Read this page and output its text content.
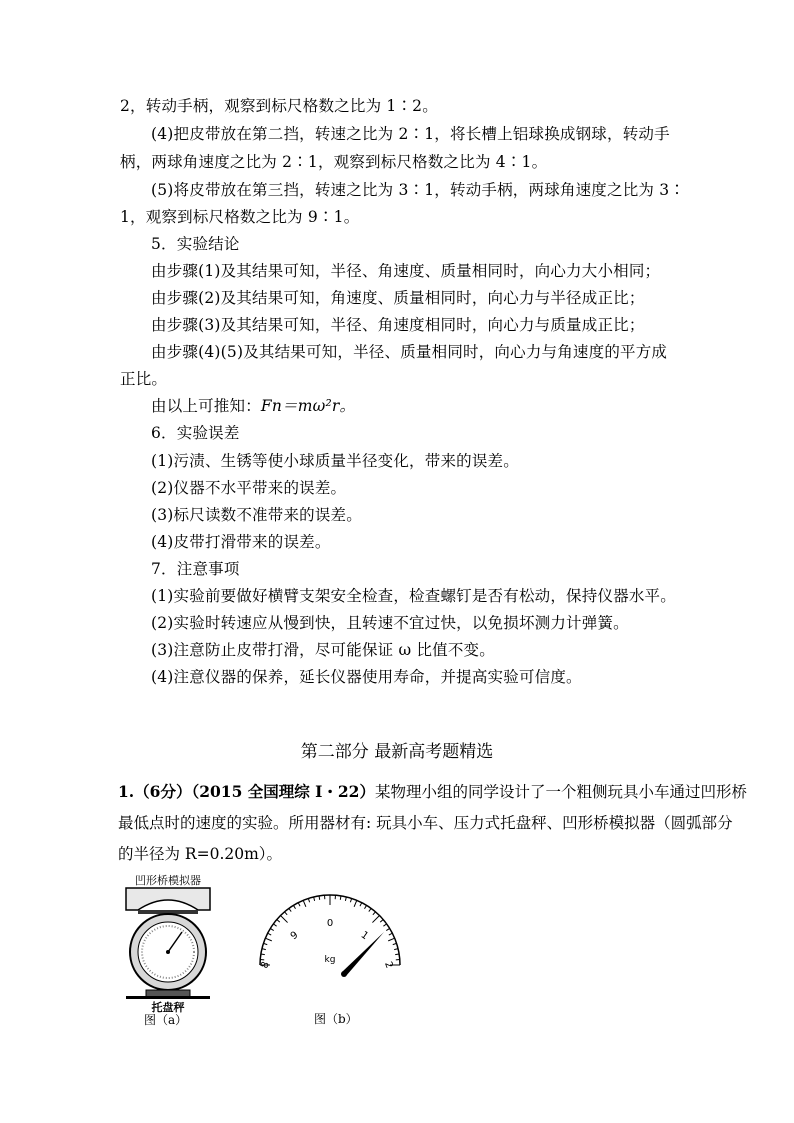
2，转动手柄，观察到标尺格数之比为 1∶2。
(4)把皮带放在第二挡，转速之比为 2∶1，将长槽上铝球换成钢球，转动手
柄，两球角速度之比为 2∶1，观察到标尺格数之比为 4∶1。
(5)将皮带放在第三挡，转速之比为 3∶1，转动手柄，两球角速度之比为 3∶
1，观察到标尺格数之比为 9∶1。
5．实验结论
由步骤(1)及其结果可知，半径、角速度、质量相同时，向心力大小相同；
由步骤(2)及其结果可知，角速度、质量相同时，向心力与半径成正比；
由步骤(3)及其结果可知，半径、角速度相同时，向心力与质量成正比；
由步骤(4)(5)及其结果可知，半径、质量相同时，向心力与角速度的平方成
正比。
由以上可推知：Fn＝mω²r。
6．实验误差
(1)污渍、生锈等使小球质量半径变化，带来的误差。
(2)仪器不水平带来的误差。
(3)标尺读数不准带来的误差。
(4)皮带打滑带来的误差。
7．注意事项
(1)实验前要做好横臂支架安全检查，检查螺钉是否有松动，保持仪器水平。
(2)实验时转速应从慢到快，且转速不宜过快，以免损坏测力计弹簧。
(3)注意防止皮带打滑，尽可能保证 ω 比值不变。
(4)注意仪器的保养，延长仪器使用寿命，并提高实验可信度。
第二部分 最新高考题精选
1.（6分）（2015 全国理综 I・22）某物理小组的同学设计了一个粗侧玩具小车通过凹形桥
最低点时的速度的实验。所用器材有: 玩具小车、压力式托盘秤、凹形桥模拟器（圆弧部分
的半径为 R=0.20m）。
凹形桥模拟器
托盘秤
图（a）
8
9
0
1
2
kg
图（b）
